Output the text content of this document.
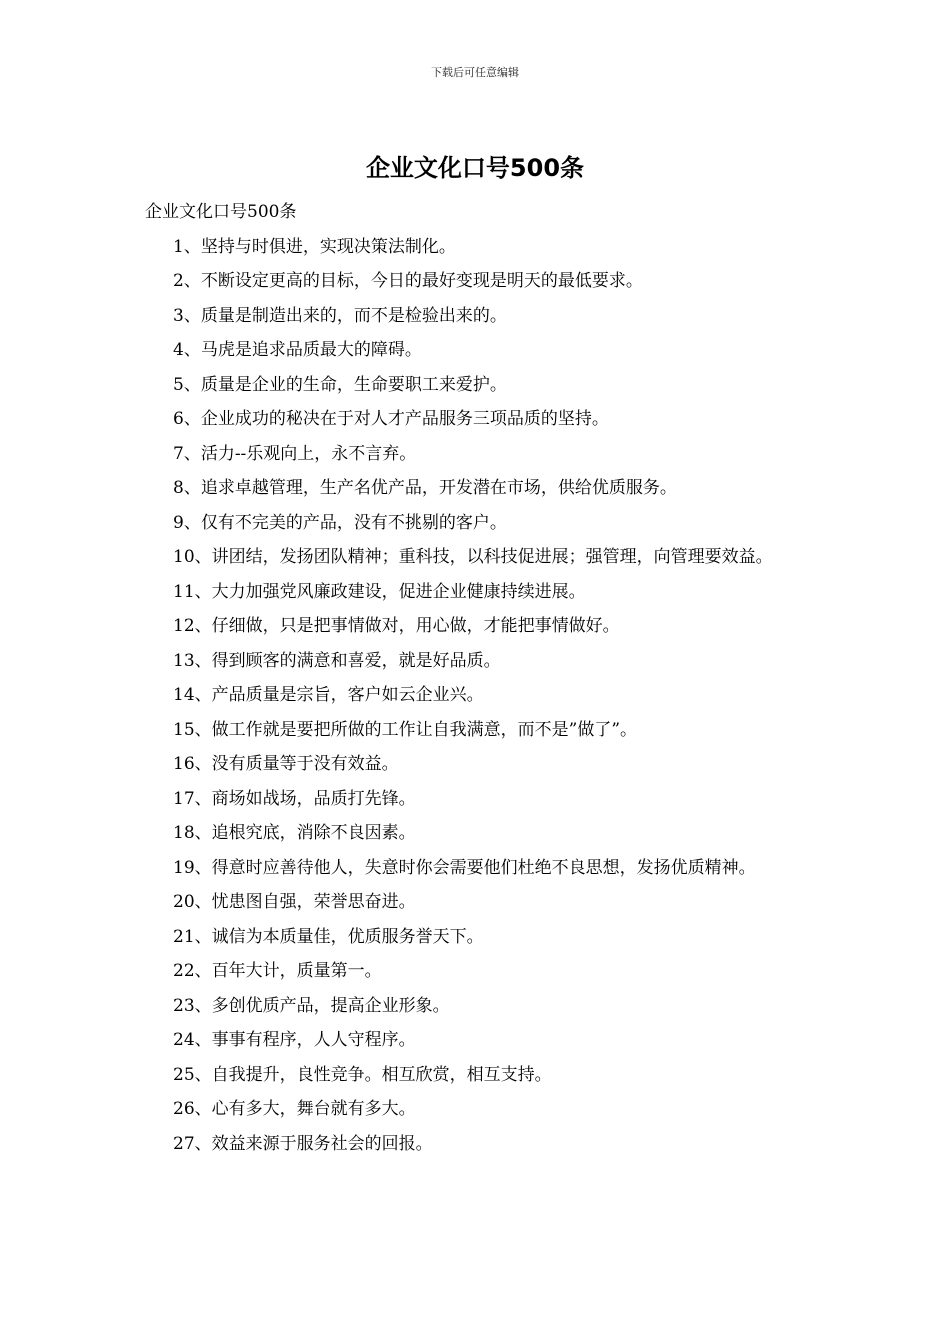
下载后可任意编辑
企业文化口号500条

企业文化口号500条

1、坚持与时俱进，实现决策法制化。
2、不断设定更高的目标，今日的最好变现是明天的最低要求。
3、质量是制造出来的，而不是检验出来的。
4、马虎是追求品质最大的障碍。
5、质量是企业的生命，生命要职工来爱护。
6、企业成功的秘决在于对人才产品服务三项品质的坚持。
7、活力--乐观向上，永不言弃。
8、追求卓越管理，生产名优产品，开发潜在市场，供给优质服务。
9、仅有不完美的产品，没有不挑剔的客户。
10、讲团结，发扬团队精神；重科技，以科技促进展；强管理，向管理要效益。
11、大力加强党风廉政建设，促进企业健康持续进展。
12、仔细做，只是把事情做对，用心做，才能把事情做好。
13、得到顾客的满意和喜爱，就是好品质。
14、产品质量是宗旨，客户如云企业兴。
15、做工作就是要把所做的工作让自我满意，而不是”做了”。
16、没有质量等于没有效益。
17、商场如战场，品质打先锋。
18、追根究底，消除不良因素。
19、得意时应善待他人，失意时你会需要他们杜绝不良思想，发扬优质精神。
20、忧患图自强，荣誉思奋进。
21、诚信为本质量佳，优质服务誉天下。
22、百年大计，质量第一。
23、多创优质产品，提高企业形象。
24、事事有程序，人人守程序。
25、自我提升，良性竞争。相互欣赏，相互支持。
26、心有多大，舞台就有多大。
27、效益来源于服务社会的回报。
